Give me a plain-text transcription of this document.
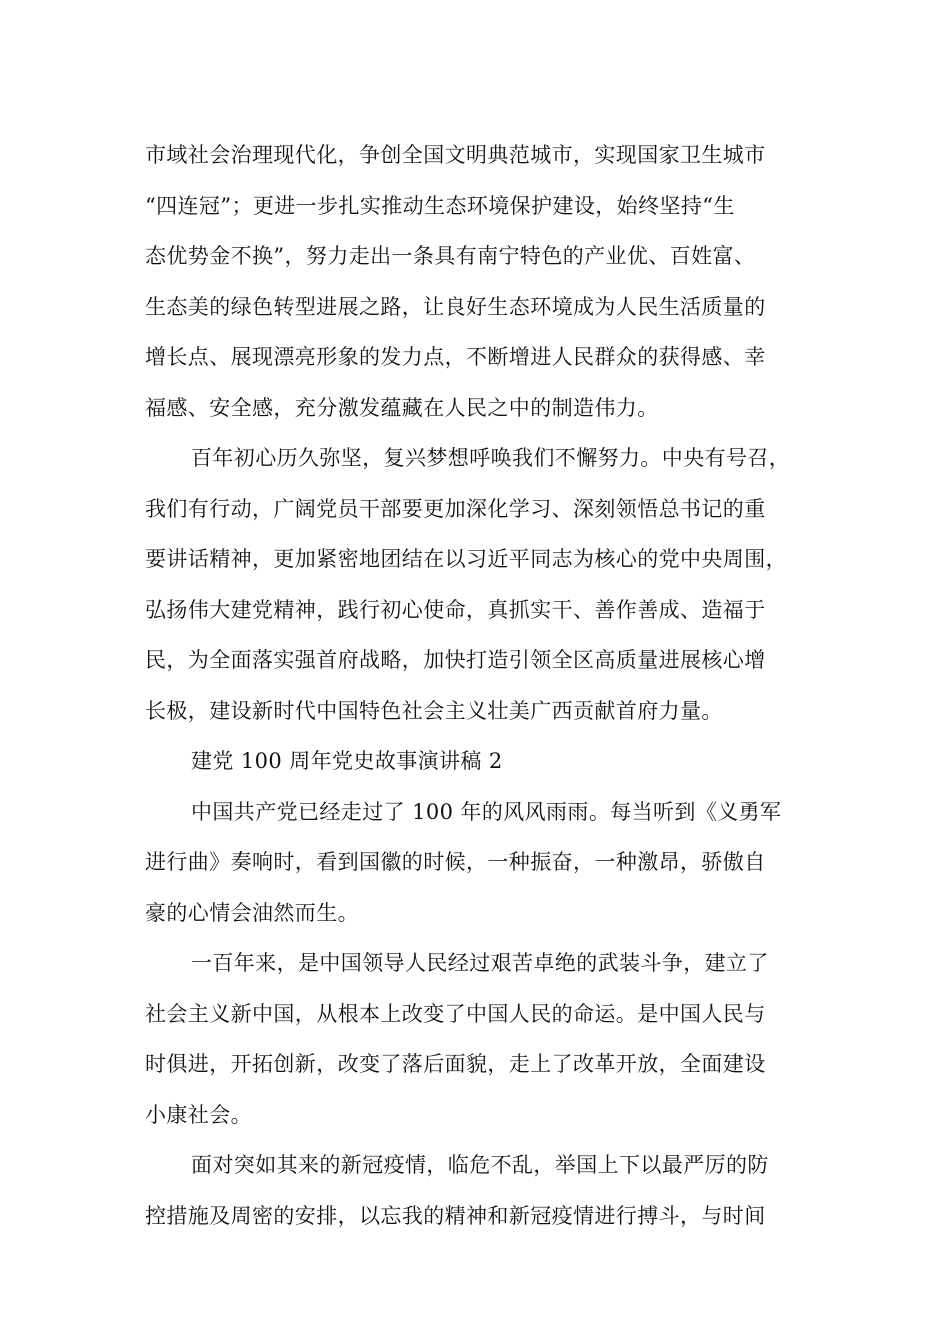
市域社会治理现代化，争创全国文明典范城市，实现国家卫生城市
“四连冠”；更进一步扎实推动生态环境保护建设，始终坚持“生
态优势金不换”，努力走出一条具有南宁特色的产业优、百姓富、
生态美的绿色转型进展之路，让良好生态环境成为人民生活质量的
增长点、展现漂亮形象的发力点，不断增进人民群众的获得感、幸
福感、安全感，充分激发蕴藏在人民之中的制造伟力。
百年初心历久弥坚，复兴梦想呼唤我们不懈努力。中央有号召，
我们有行动，广阔党员干部要更加深化学习、深刻领悟总书记的重
要讲话精神，更加紧密地团结在以习近平同志为核心的党中央周围，
弘扬伟大建党精神，践行初心使命，真抓实干、善作善成、造福于
民，为全面落实强首府战略，加快打造引领全区高质量进展核心增
长极，建设新时代中国特色社会主义壮美广西贡献首府力量。
建党 100 周年党史故事演讲稿 2
中国共产党已经走过了 100 年的风风雨雨。每当听到《义勇军
进行曲》奏响时，看到国徽的时候，一种振奋，一种激昂，骄傲自
豪的心情会油然而生。
一百年来，是中国领导人民经过艰苦卓绝的武装斗争，建立了
社会主义新中国，从根本上改变了中国人民的命运。是中国人民与
时俱进，开拓创新，改变了落后面貌，走上了改革开放，全面建设
小康社会。
面对突如其来的新冠疫情，临危不乱，举国上下以最严厉的防
控措施及周密的安排，以忘我的精神和新冠疫情进行搏斗，与时间
